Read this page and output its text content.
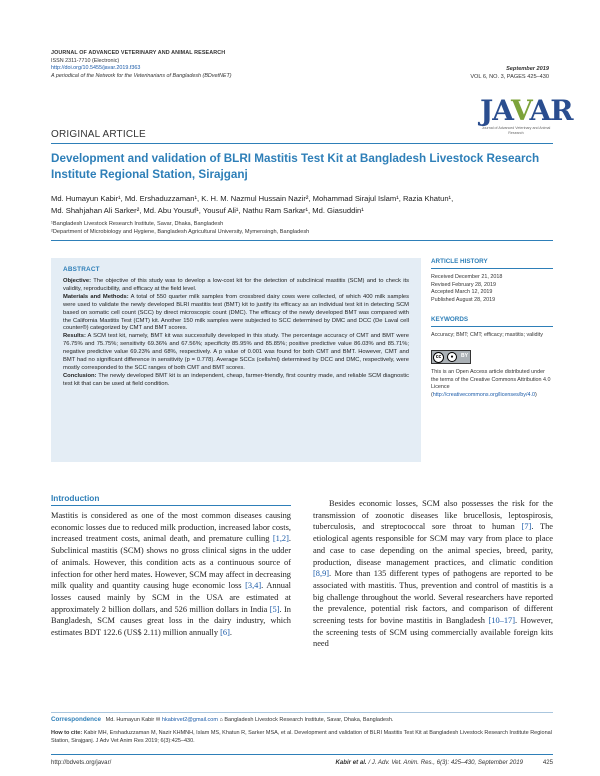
JOURNAL OF ADVANCED VETERINARY AND ANIMAL RESEARCH
ISSN 2311-7710 (Electronic)
http://doi.org/10.5455/javar.2019.f363
A periodical of the Network for the Veterinarians of Bangladesh (BDvetNET)
September 2019
VOL 6, NO. 3, PAGES 425–430
JAVAR
Journal of Advanced Veterinary and Animal Research
ORIGINAL ARTICLE
Development and validation of BLRI Mastitis Test Kit at Bangladesh Livestock Research Institute Regional Station, Sirajganj
Md. Humayun Kabir¹, Md. Ershaduzzaman¹, K. H. M. Nazmul Hussain Nazir², Mohammad Sirajul Islam¹, Razia Khatun¹,
Md. Shahjahan Ali Sarker², Md. Abu Yousuf¹, Yousuf Ali¹, Nathu Ram Sarkar¹, Md. Giasuddin¹
¹Bangladesh Livestock Research Institute, Savar, Dhaka, Bangladesh
²Department of Microbiology and Hygiene, Bangladesh Agricultural University, Mymensingh, Bangladesh
ABSTRACT

Objective: The objective of this study was to develop a low-cost kit for the detection of subclinical mastitis (SCM) and to check its validity, reproducibility, and efficacy at the field level.

Materials and Methods: A total of 550 quarter milk samples from crossbred dairy cows were collected, of which 400 milk samples were used to validate the newly developed BLRI mastitis test (BMT) kit to justify its efficacy as an individual test kit in detecting SCM based on somatic cell count (SCC) by direct microscopic count (DMC). The efficacy of the newly developed BMT was compared with the California Mastitis Test (CMT) kit. Another 150 milk samples were subjected to SCC determined by DMC and DCC (De Laval cell counter®) categorized by CMT and BMT scores.

Results: A SCM test kit, namely, BMT kit was successfully developed in this study. The percentage accuracy of CMT and BMT were 76.75% and 75.75%; sensitivity 69.36% and 67.56%; specificity 85.95% and 85.85%; positive predictive value 86.03% and 85.71%; negative predictive value 69.23% and 68%, respectively. A p value of 0.001 was found for both CMT and BMT. However, CMT and BMT had no significant difference in sensitivity (p = 0.778). Average SCCs (cells/ml) determined by DCC and DMC, respectively, were mostly corresponded to the SCC ranges of both CMT and BMT scores.

Conclusion: The newly developed BMT kit is an independent, cheap, farmer-friendly, first country made, and reliable SCM diagnostic test kit that can be used at field condition.

ARTICLE HISTORY
Received December 21, 2018
Revised February 28, 2019
Accepted March 12, 2019
Published August 28, 2019
KEYWORDS
Accuracy; BMT; CMT; efficacy; mastitis; validity
cc	●	BY
This is an Open Access article distributed under the terms of the Creative Commons Attribution 4.0 Licence (http://creativecommons.org/licenses/by/4.0)
Introduction
Mastitis is considered as one of the most common diseases causing economic losses due to reduced milk production, increased labor costs, increased treatment costs, animal death, and premature culling [1,2]. Subclinical mastitis (SCM) shows no gross clinical signs in the udder of animals. However, this condition acts as a continuous source of infection for other herd mates. However, SCM may affect in decreasing milk quality and quantity causing huge economic loss [3,4]. Annual losses caused mainly by SCM in the USA are estimated at approximately 2 billion dollars, and 526 million dollars in India [5]. In Bangladesh, SCM causes great loss in the dairy industry, which estimates BDT 122.6 (US$ 2.11) million annually [6].
Besides economic losses, SCM also possesses the risk for the transmission of zoonotic diseases like brucellosis, leptospirosis, tuberculosis, and streptococcal sore throat to human [7]. The etiological agents responsible for SCM may vary from place to place and case to case depending on the animal species, breed, parity, production, disease management practices, and climatic condition [8,9]. More than 135 different types of pathogens are reported to be associated with mastitis. Thus, prevention and control of mastitis is a big challenge throughout the world. Several researchers have reported the prevalence, potential risk factors, and comparison of different screening tests for bovine mastitis in Bangladesh [10–17]. However, the screening tests of SCM using commercially available foreign kits need
Correspondence Md. Humayun Kabir ✉ hkabirvet2@gmail.com ⌂ Bangladesh Livestock Research Institute, Savar, Dhaka, Bangladesh.
How to cite: Kabir MH, Ershaduzzaman M, Nazir KHMNH, Islam MS, Khatun R, Sarker MSA, et al. Development and validation of BLRI Mastitis Test Kit at Bangladesh Livestock Research Institute Regional Station, Sirajganj. J Adv Vet Anim Res 2019; 6(3):425–430.
http://bdvets.org/javar/	Kabir et al. / J. Adv. Vet. Anim. Res., 6(3): 425–430, September 2019	425
